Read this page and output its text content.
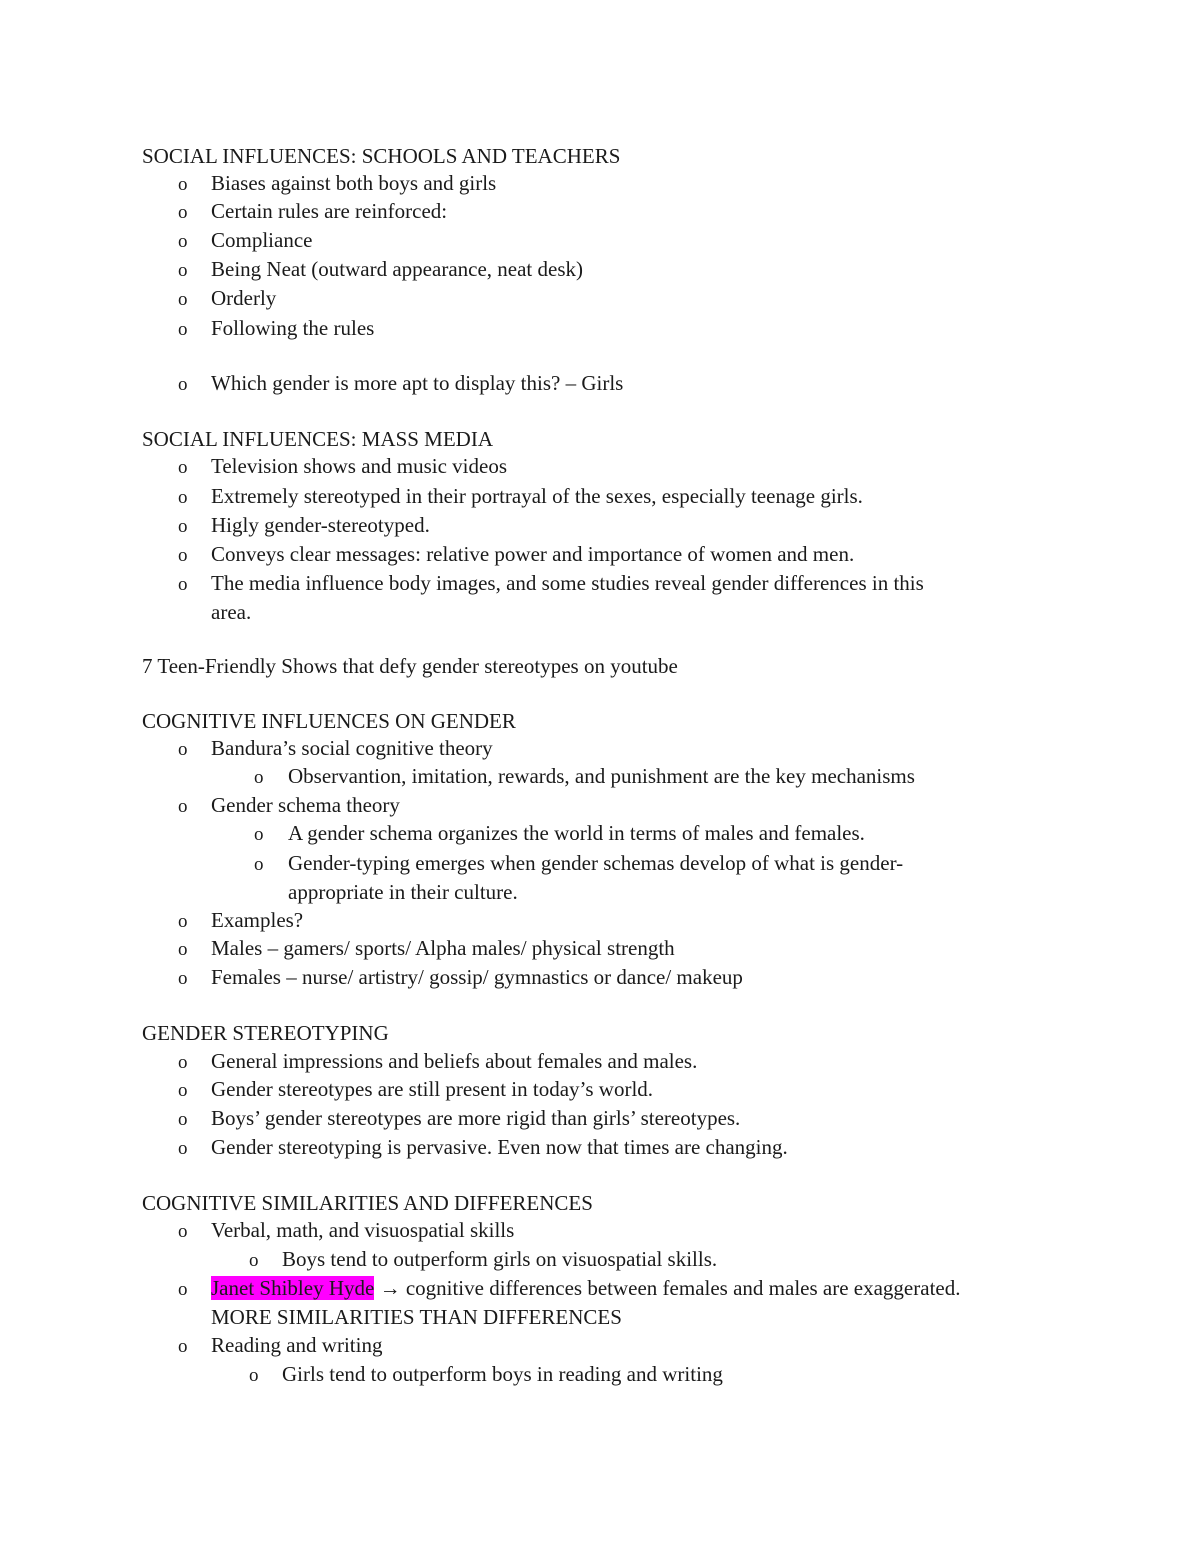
SOCIAL INFLUENCES: SCHOOLS AND TEACHERS
o Biases against both boys and girls
o Certain rules are reinforced:
o Compliance
o Being Neat (outward appearance, neat desk)
o Orderly
o Following the rules
o Which gender is more apt to display this? – Girls
SOCIAL INFLUENCES: MASS MEDIA
o Television shows and music videos
o Extremely stereotyped in their portrayal of the sexes, especially teenage girls.
o Higly gender-stereotyped.
o Conveys clear messages: relative power and importance of women and men.
o The media influence body images, and some studies reveal gender differences in this
area.
7 Teen-Friendly Shows that defy gender stereotypes on youtube
COGNITIVE INFLUENCES ON GENDER
o Bandura’s social cognitive theory
o Observantion, imitation, rewards, and punishment are the key mechanisms
o Gender schema theory
o A gender schema organizes the world in terms of males and females.
o Gender-typing emerges when gender schemas develop of what is gender-
appropriate in their culture.
o Examples?
o Males – gamers/ sports/ Alpha males/ physical strength
o Females – nurse/ artistry/ gossip/ gymnastics or dance/ makeup
GENDER STEREOTYPING
o General impressions and beliefs about females and males.
o Gender stereotypes are still present in today’s world.
o Boys’ gender stereotypes are more rigid than girls’ stereotypes.
o Gender stereotyping is pervasive. Even now that times are changing.
COGNITIVE SIMILARITIES AND DIFFERENCES
o Verbal, math, and visuospatial skills
o Boys tend to outperform girls on visuospatial skills.
o Janet Shibley Hyde → cognitive differences between females and males are exaggerated.
MORE SIMILARITIES THAN DIFFERENCES
o Reading and writing
o Girls tend to outperform boys in reading and writing
